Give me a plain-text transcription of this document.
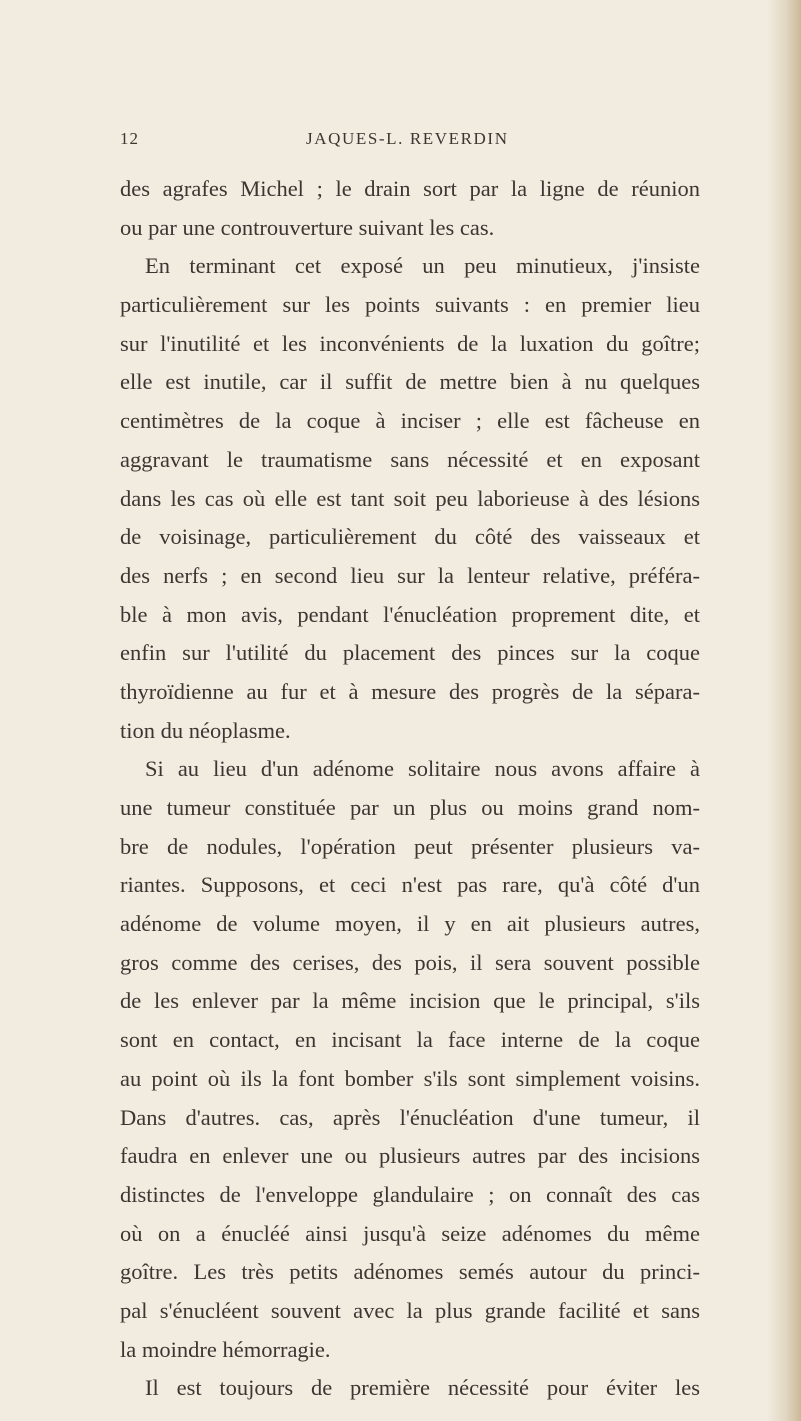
12	JAQUES-L. REVERDIN
des agrafes Michel ; le drain sort par la ligne de réunion
ou par une controuverture suivant les cas.
En terminant cet exposé un peu minutieux, j'insiste
particulièrement sur les points suivants : en premier lieu
sur l'inutilité et les inconvénients de la luxation du goître;
elle est inutile, car il suffit de mettre bien à nu quelques
centimètres de la coque à inciser ; elle est fâcheuse en
aggravant le traumatisme sans nécessité et en exposant
dans les cas où elle est tant soit peu laborieuse à des lésions
de voisinage, particulièrement du côté des vaisseaux et
des nerfs ; en second lieu sur la lenteur relative, préféra-
ble à mon avis, pendant l'énucléation proprement dite, et
enfin sur l'utilité du placement des pinces sur la coque
thyroïdienne au fur et à mesure des progrès de la sépara-
tion du néoplasme.
Si au lieu d'un adénome solitaire nous avons affaire à
une tumeur constituée par un plus ou moins grand nom-
bre de nodules, l'opération peut présenter plusieurs va-
riantes. Supposons, et ceci n'est pas rare, qu'à côté d'un
adénome de volume moyen, il y en ait plusieurs autres,
gros comme des cerises, des pois, il sera souvent possible
de les enlever par la même incision que le principal, s'ils
sont en contact, en incisant la face interne de la coque
au point où ils la font bomber s'ils sont simplement voisins.
Dans d'autres. cas, après l'énucléation d'une tumeur, il
faudra en enlever une ou plusieurs autres par des incisions
distinctes de l'enveloppe glandulaire ; on connaît des cas
où on a énucléé ainsi jusqu'à seize adénomes du même
goître. Les très petits adénomes semés autour du princi-
pal s'énucléent souvent avec la plus grande facilité et sans
la moindre hémorragie.
Il est toujours de première nécessité pour éviter les
